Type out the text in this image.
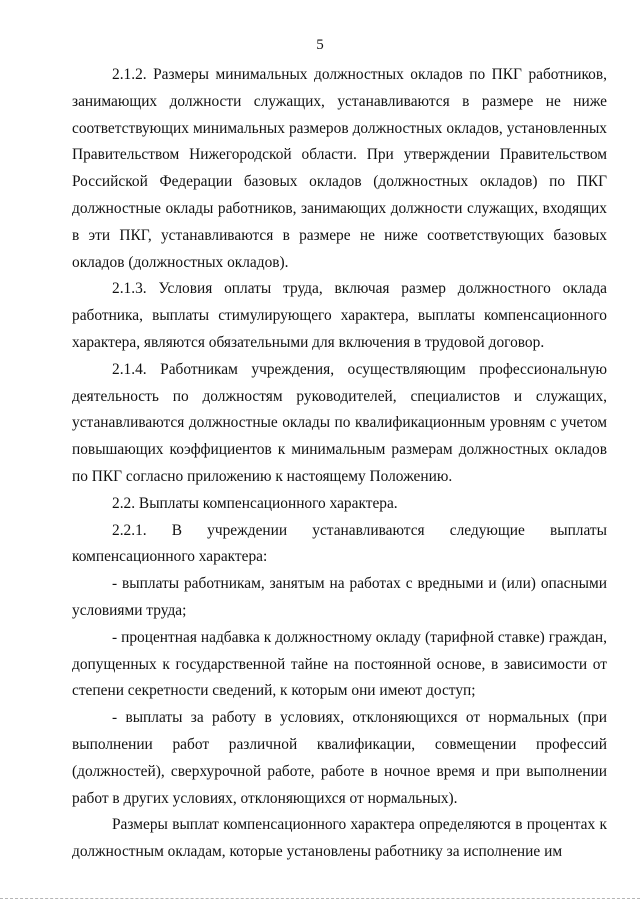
5

2.1.2. Размеры минимальных должностных окладов по ПКГ работников, занимающих должности служащих, устанавливаются в размере не ниже соответствующих минимальных размеров должностных окладов, установленных Правительством Нижегородской области. При утверждении Правительством Российской Федерации базовых окладов (должностных окладов) по ПКГ должностные оклады работников, занимающих должности служащих, входящих в эти ПКГ, устанавливаются в размере не ниже соответствующих базовых окладов (должностных окладов).

2.1.3. Условия оплаты труда, включая размер должностного оклада работника, выплаты стимулирующего характера, выплаты компенсационного характера, являются обязательными для включения в трудовой договор.

2.1.4. Работникам учреждения, осуществляющим профессиональную деятельность по должностям руководителей, специалистов и служащих, устанавливаются должностные оклады по квалификационным уровням с учетом повышающих коэффициентов к минимальным размерам должностных окладов по ПКГ согласно приложению к настоящему Положению.

2.2. Выплаты компенсационного характера.

2.2.1. В учреждении устанавливаются следующие выплаты компенсационного характера:

- выплаты работникам, занятым на работах с вредными и (или) опасными условиями труда;

- процентная надбавка к должностному окладу (тарифной ставке) граждан, допущенных к государственной тайне на постоянной основе, в зависимости от степени секретности сведений, к которым они имеют доступ;

- выплаты за работу в условиях, отклоняющихся от нормальных (при выполнении работ различной квалификации, совмещении профессий (должностей), сверхурочной работе, работе в ночное время и при выполнении работ в других условиях, отклоняющихся от нормальных).

Размеры выплат компенсационного характера определяются в процентах к должностным окладам, которые установлены работнику за исполнение им
